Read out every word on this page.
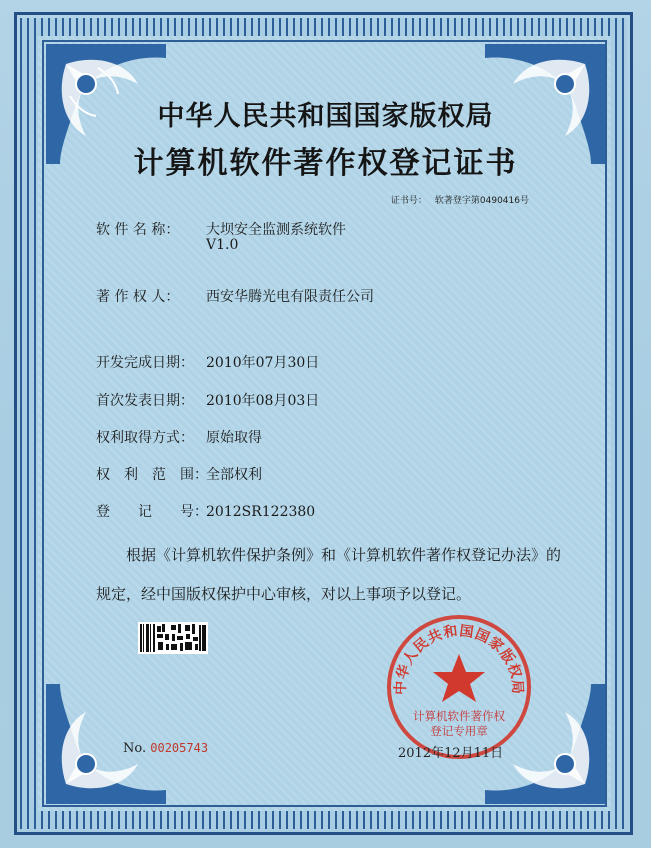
中华人民共和国国家版权局
计算机软件著作权登记证书
证书号： 软著登字第0490416号
软 件 名 称： 大坝安全监测系统软件
V1.0
著 作 权 人： 西安华腾光电有限责任公司
开发完成日期： 2010年07月30日
首次发表日期： 2010年08月03日
权利取得方式： 原始取得
权　利　范　围：全部权利
登　　记　　号：2012SR122380
根据《计算机软件保护条例》和《计算机软件著作权登记办法》的
规定，经中国版权保护中心审核，对以上事项予以登记。
中华人民共和国国家版权局
计算机软件著作权
登记专用章
No. 00205743	2012年12月11日
